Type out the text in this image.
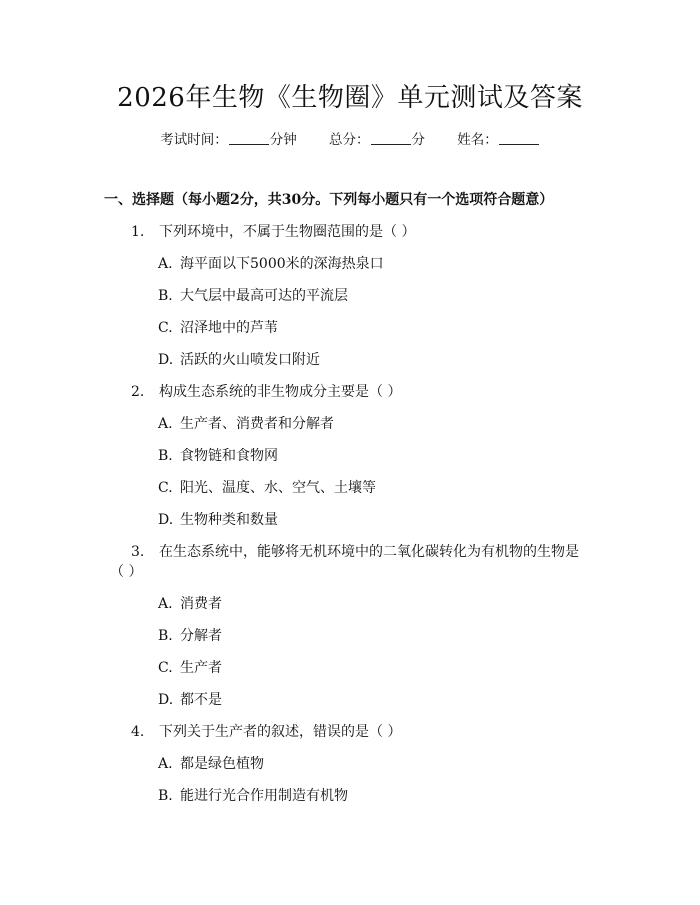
2026年生物《生物圈》单元测试及答案
考试时间：	分钟 总分：	分 姓名：
一、选择题（每小题2分，共30分。下列每小题只有一个选项符合题意）
1. 下列环境中，不属于生物圈范围的是（ ）
A. 海平面以下5000米的深海热泉口
B. 大气层中最高可达的平流层
C. 沼泽地中的芦苇
D. 活跃的火山喷发口附近
2. 构成生态系统的非生物成分主要是（ ）
A. 生产者、消费者和分解者
B. 食物链和食物网
C. 阳光、温度、水、空气、土壤等
D. 生物种类和数量
3. 在生态系统中，能够将无机环境中的二氧化碳转化为有机物的生物是
（ ）
A. 消费者
B. 分解者
C. 生产者
D. 都不是
4. 下列关于生产者的叙述，错误的是（ ）
A. 都是绿色植物
B. 能进行光合作用制造有机物
